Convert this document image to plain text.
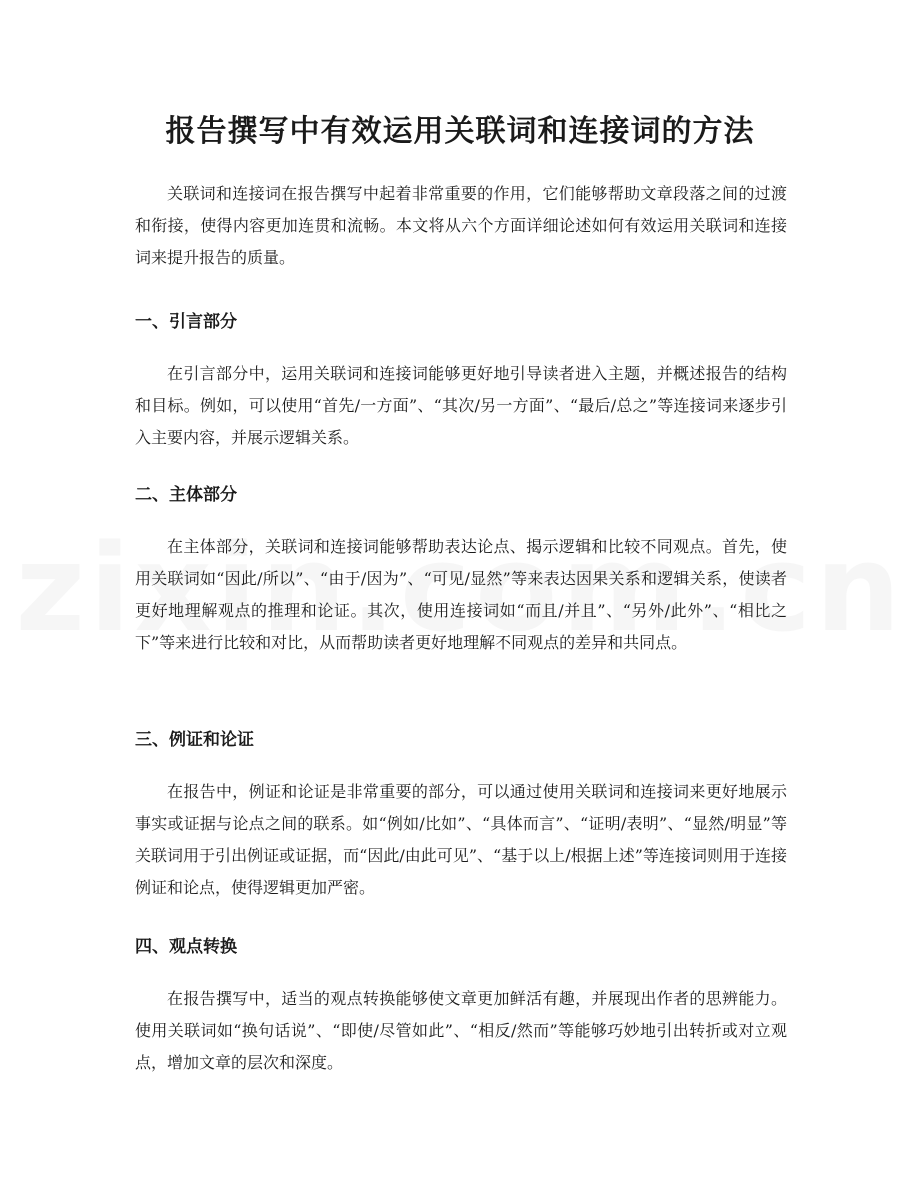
报告撰写中有效运用关联词和连接词的方法

关联词和连接词在报告撰写中起着非常重要的作用，它们能够帮助文章段落之间的过渡和衔接，使得内容更加连贯和流畅。本文将从六个方面详细论述如何有效运用关联词和连接词来提升报告的质量。

一、引言部分

在引言部分中，运用关联词和连接词能够更好地引导读者进入主题，并概述报告的结构和目标。例如，可以使用“首先/一方面”、“其次/另一方面”、“最后/总之”等连接词来逐步引入主要内容，并展示逻辑关系。

二、主体部分

在主体部分，关联词和连接词能够帮助表达论点、揭示逻辑和比较不同观点。首先，使用关联词如“因此/所以”、“由于/因为”、“可见/显然”等来表达因果关系和逻辑关系，使读者更好地理解观点的推理和论证。其次，使用连接词如“而且/并且”、“另外/此外”、“相比之下”等来进行比较和对比，从而帮助读者更好地理解不同观点的差异和共同点。

三、例证和论证

在报告中，例证和论证是非常重要的部分，可以通过使用关联词和连接词来更好地展示事实或证据与论点之间的联系。如“例如/比如”、“具体而言”、“证明/表明”、“显然/明显”等关联词用于引出例证或证据，而“因此/由此可见”、“基于以上/根据上述”等连接词则用于连接例证和论点，使得逻辑更加严密。

四、观点转换

在报告撰写中，适当的观点转换能够使文章更加鲜活有趣，并展现出作者的思辨能力。使用关联词如“换句话说”、“即使/尽管如此”、“相反/然而”等能够巧妙地引出转折或对立观点，增加文章的层次和深度。
